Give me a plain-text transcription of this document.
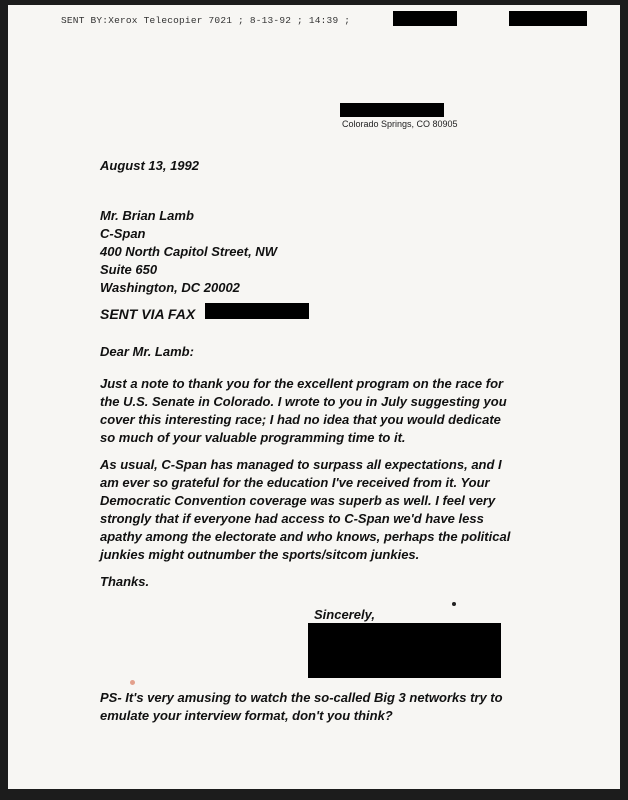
SENT BY:Xerox Telecopier 7021 ; 8-13-92 ; 14:39 ;
Colorado Springs, CO 80905
August 13, 1992
Mr. Brian Lamb
C-Span
400 North Capitol Street, NW
Suite 650
Washington, DC 20002
SENT VIA FAX
Dear Mr. Lamb:
Just a note to thank you for the excellent program on the race for
the U.S. Senate in Colorado. I wrote to you in July suggesting you
cover this interesting race; I had no idea that you would dedicate
so much of your valuable programming time to it.
As usual, C-Span has managed to surpass all expectations, and I
am ever so grateful for the education I've received from it. Your
Democratic Convention coverage was superb as well. I feel very
strongly that if everyone had access to C-Span we'd have less
apathy among the electorate and who knows, perhaps the political
junkies might outnumber the sports/sitcom junkies.
Thanks.
Sincerely,
PS- It's very amusing to watch the so-called Big 3 networks try to
emulate your interview format, don't you think?
